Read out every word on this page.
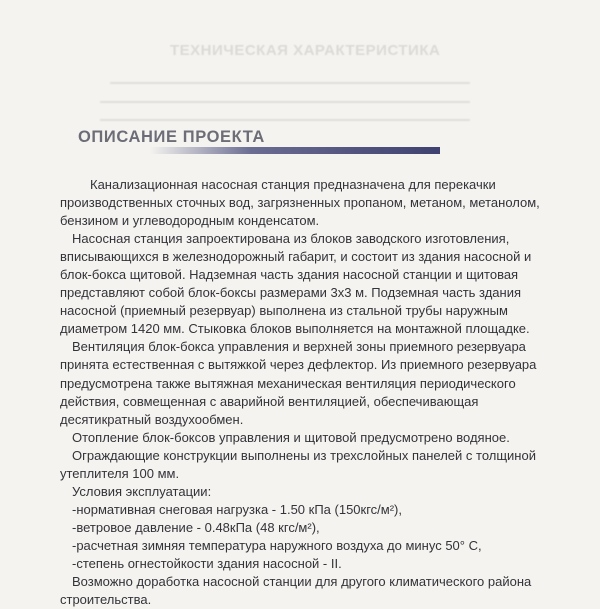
ТЕХНИЧЕСКАЯ ХАРАКТЕРИСТИКА
ОПИСАНИЕ ПРОЕКТА

Канализационная насосная станция предназначена для перекачки производственных сточных вод, загрязненных пропаном, метаном, метанолом, бензином и углеводородным конденсатом.

Насосная станция запроектирована из блоков заводского изготовления, вписывающихся в железнодорожный габарит, и состоит из здания насосной и блок-бокса щитовой. Надземная часть здания насосной станции и щитовая представляют собой блок-боксы размерами 3х3 м. Подземная часть здания насосной (приемный резервуар) выполнена из стальной трубы наружным диаметром 1420 мм. Стыковка блоков выполняется на монтажной площадке.

Вентиляция блок-бокса управления и верхней зоны приемного резервуара принята естественная с вытяжкой через дефлектор. Из приемного резервуара предусмотрена также вытяжная механическая вентиляция периодического действия, совмещенная с аварийной вентиляцией, обеспечивающая десятикратный воздухообмен.

Отопление блок-боксов управления и щитовой предусмотрено водяное.

Ограждающие конструкции выполнены из трехслойных панелей с толщиной утеплителя 100 мм.

Условия эксплуатации:

-нормативная снеговая нагрузка - 1.50 кПа (150кгс/м²),
-ветровое давление - 0.48кПа (48 кгс/м²),
-расчетная зимняя температура наружного воздуха до минус 50° С,
-степень огнестойкости здания насосной - II.

Возможно доработка насосной станции для другого климатического района строительства.
